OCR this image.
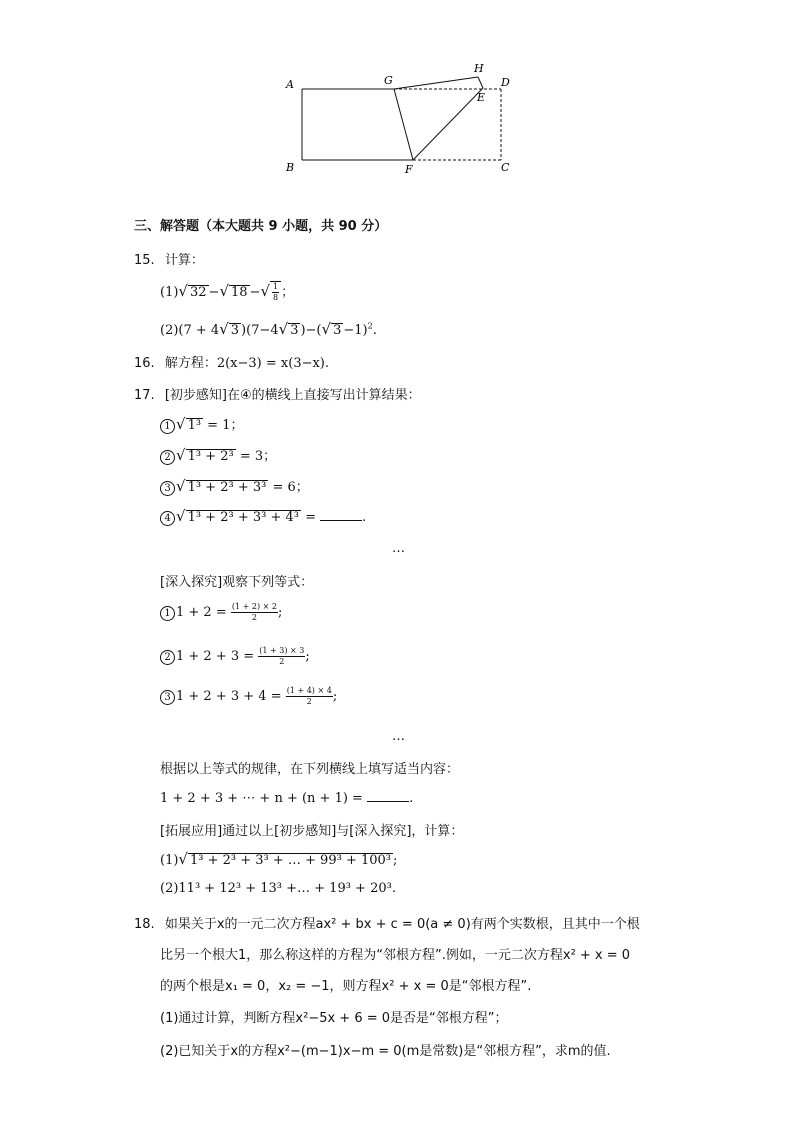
A	G
H
D
E
B	F	C
三、解答题（本大题共 9 小题，共 90 分）
15. 计算：
(1)√ 32 −√ 18 −√ $\frac{1}{8}$ ；
(2)(7 + 4√ 3 )(7−4√ 3 )−(√ 3 −1)$^2$.
16. 解方程：2(x−3) = x(3−x).
17. [初步感知]在④的横线上直接写出计算结果：
1 √ 1³ = 1；
2 √ 1³ + 2³ = 3；
3 √ 1³ + 2³ + 3³ = 6；
4 √ 1³ + 2³ + 3³ + 4³ =	.
…
[深入探究]观察下列等式：
1 $1 + 2 = \frac{(1 + 2) \times 2}{2}$ ;
2 $1 + 2 + 3 = \frac{(1 + 3) \times 3}{2}$ ;
3 $1 + 2 + 3 + 4 = \frac{(1 + 4) \times 4}{2}$ ;
…
根据以上等式的规律，在下列横线上填写适当内容：
1 + 2 + 3 + ⋯ + n + (n + 1) =	.
[拓展应用]通过以上[初步感知]与[深入探究]，计算：
(1)√ 1³ + 2³ + 3³ + … + 99³ + 100³ ;
(2)11³ + 12³ + 13³ +… + 19³ + 20³.
18. 如果关于x的一元二次方程ax² + bx + c = 0(a ≠ 0)有两个实数根，且其中一个根
比另一个根大1，那么称这样的方程为“邻根方程”.例如，一元二次方程x² + x = 0
的两个根是x₁ = 0，x₂ = −1，则方程x² + x = 0是“邻根方程”.
(1)通过计算，判断方程x²−5x + 6 = 0是否是“邻根方程”；
(2)已知关于x的方程x²−(m−1)x−m = 0(m是常数)是“邻根方程”，求m的值.
